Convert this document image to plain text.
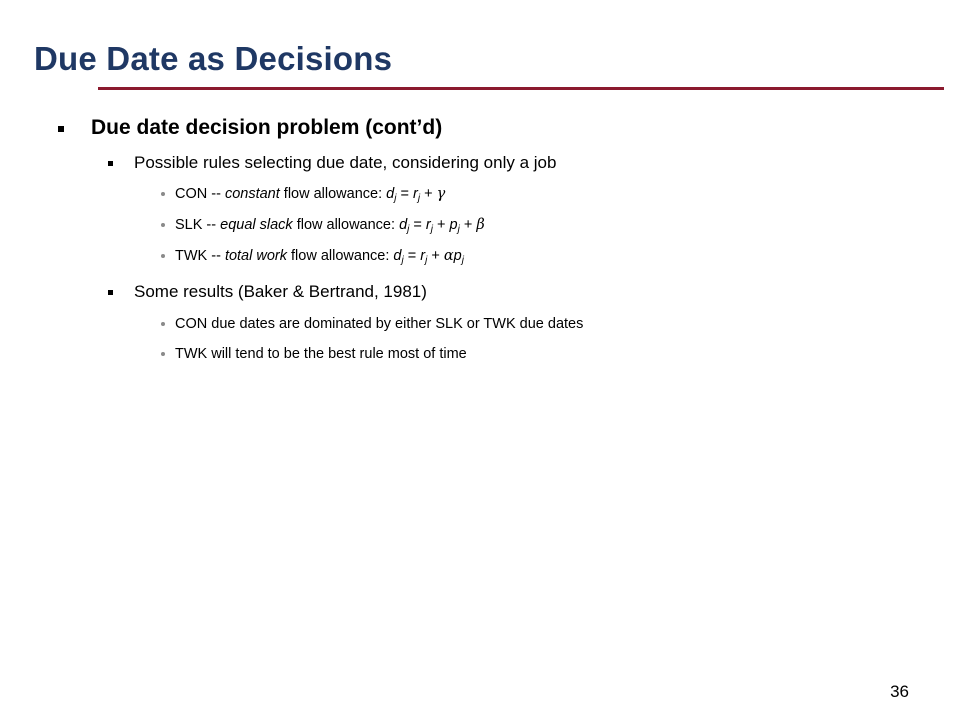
Due Date as Decisions
Due date decision problem (cont’d)
Possible rules selecting due date, considering only a job
CON -- constant flow allowance: $d_j = r_j + \gamma$
SLK -- equal slack flow allowance: $d_j = r_j + p_j + \beta$
TWK -- total work flow allowance: $d_j = r_j + \alpha p_j$
Some results (Baker & Bertrand, 1981)
CON due dates are dominated by either SLK or TWK due dates
TWK will tend to be the best rule most of time
36
